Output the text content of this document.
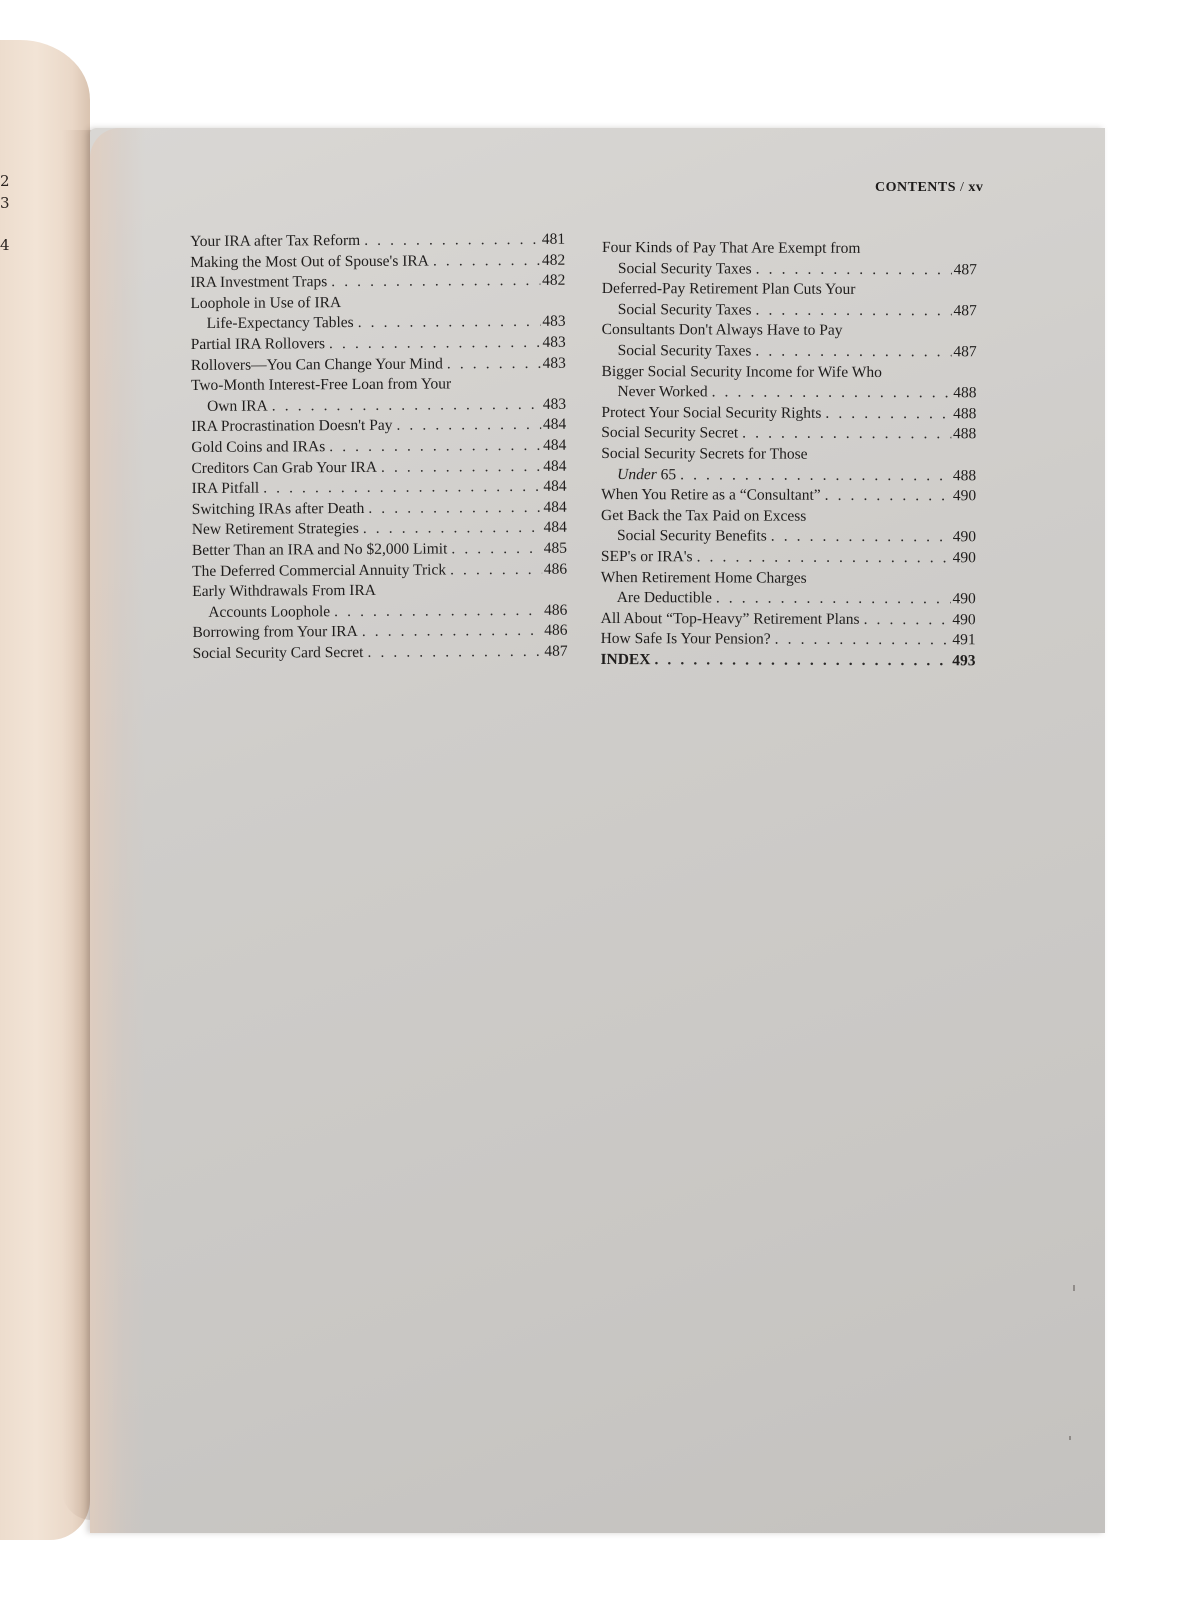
2
3
4
CONTENTS / xv
Your IRA after Tax Reform . . .	481
Making the Most Out of Spouse's IRA . . .	482
IRA Investment Traps . . .	482
Loophole in Use of IRA
Life-Expectancy Tables . . .	483
Partial IRA Rollovers . . .	483
Rollovers—You Can Change Your Mind . . .	483
Two-Month Interest-Free Loan from Your
Own IRA . . .	483
IRA Procrastination Doesn't Pay . . .	484
Gold Coins and IRAs . . .	484
Creditors Can Grab Your IRA . . .	484
IRA Pitfall . . .	484
Switching IRAs after Death . . .	484
New Retirement Strategies . . .	484
Better Than an IRA and No $2,000 Limit . . .	485
The Deferred Commercial Annuity Trick . . .	486
Early Withdrawals From IRA
Accounts Loophole . . .	486
Borrowing from Your IRA . . .	486
Social Security Card Secret . . .	487
Four Kinds of Pay That Are Exempt from
Social Security Taxes . . .	487
Deferred-Pay Retirement Plan Cuts Your
Social Security Taxes . . .	487
Consultants Don't Always Have to Pay
Social Security Taxes . . .	487
Bigger Social Security Income for Wife Who
Never Worked . . .	488
Protect Your Social Security Rights . . .	488
Social Security Secret . . .	488
Social Security Secrets for Those
Under 65 . . .	488
When You Retire as a “Consultant” . . .	490
Get Back the Tax Paid on Excess
Social Security Benefits . . .	490
SEP's or IRA's . . .	490
When Retirement Home Charges
Are Deductible . . .	490
All About “Top-Heavy” Retirement Plans . . .	490
How Safe Is Your Pension? . . .	491
INDEX . . .	493
